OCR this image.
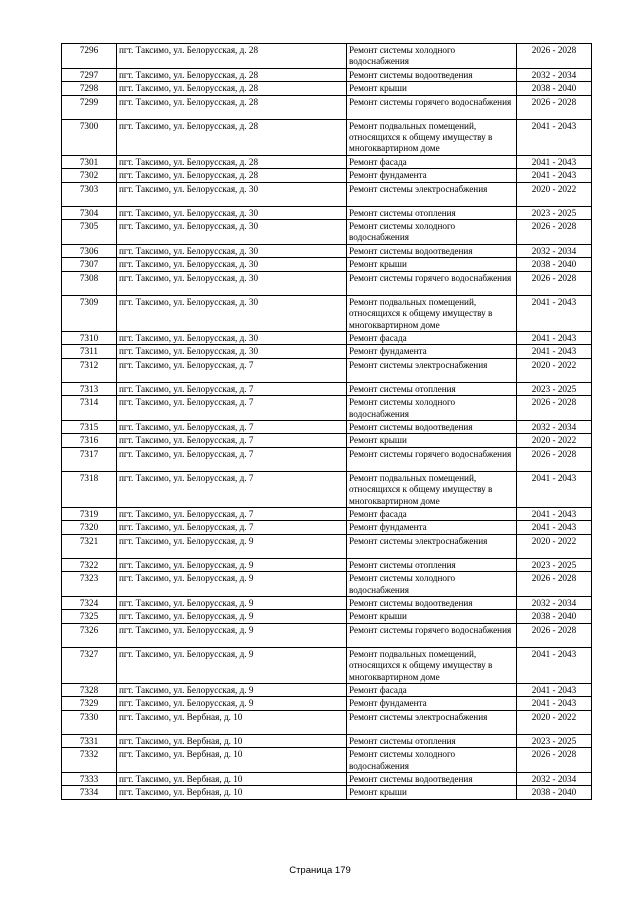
7296	пгт. Таксимо, ул. Белорусская, д. 28	Ремонт системы холодного водоснабжения	2026 - 2028
7297	пгт. Таксимо, ул. Белорусская, д. 28	Ремонт системы водоотведения	2032 - 2034
7298	пгт. Таксимо, ул. Белорусская, д. 28	Ремонт крыши	2038 - 2040
7299	пгт. Таксимо, ул. Белорусская, д. 28	Ремонт системы горячего водоснабжения	2026 - 2028
7300	пгт. Таксимо, ул. Белорусская, д. 28	Ремонт подвальных помещений, относящихся к общему имуществу в многоквартирном доме	2041 - 2043
7301	пгт. Таксимо, ул. Белорусская, д. 28	Ремонт фасада	2041 - 2043
7302	пгт. Таксимо, ул. Белорусская, д. 28	Ремонт фундамента	2041 - 2043
7303	пгт. Таксимо, ул. Белорусская, д. 30	Ремонт системы электроснабжения	2020 - 2022
7304	пгт. Таксимо, ул. Белорусская, д. 30	Ремонт системы отопления	2023 - 2025
7305	пгт. Таксимо, ул. Белорусская, д. 30	Ремонт системы холодного водоснабжения	2026 - 2028
7306	пгт. Таксимо, ул. Белорусская, д. 30	Ремонт системы водоотведения	2032 - 2034
7307	пгт. Таксимо, ул. Белорусская, д. 30	Ремонт крыши	2038 - 2040
7308	пгт. Таксимо, ул. Белорусская, д. 30	Ремонт системы горячего водоснабжения	2026 - 2028
7309	пгт. Таксимо, ул. Белорусская, д. 30	Ремонт подвальных помещений, относящихся к общему имуществу в многоквартирном доме	2041 - 2043
7310	пгт. Таксимо, ул. Белорусская, д. 30	Ремонт фасада	2041 - 2043
7311	пгт. Таксимо, ул. Белорусская, д. 30	Ремонт фундамента	2041 - 2043
7312	пгт. Таксимо, ул. Белорусская, д. 7	Ремонт системы электроснабжения	2020 - 2022
7313	пгт. Таксимо, ул. Белорусская, д. 7	Ремонт системы отопления	2023 - 2025
7314	пгт. Таксимо, ул. Белорусская, д. 7	Ремонт системы холодного водоснабжения	2026 - 2028
7315	пгт. Таксимо, ул. Белорусская, д. 7	Ремонт системы водоотведения	2032 - 2034
7316	пгт. Таксимо, ул. Белорусская, д. 7	Ремонт крыши	2020 - 2022
7317	пгт. Таксимо, ул. Белорусская, д. 7	Ремонт системы горячего водоснабжения	2026 - 2028
7318	пгт. Таксимо, ул. Белорусская, д. 7	Ремонт подвальных помещений, относящихся к общему имуществу в многоквартирном доме	2041 - 2043
7319	пгт. Таксимо, ул. Белорусская, д. 7	Ремонт фасада	2041 - 2043
7320	пгт. Таксимо, ул. Белорусская, д. 7	Ремонт фундамента	2041 - 2043
7321	пгт. Таксимо, ул. Белорусская, д. 9	Ремонт системы электроснабжения	2020 - 2022
7322	пгт. Таксимо, ул. Белорусская, д. 9	Ремонт системы отопления	2023 - 2025
7323	пгт. Таксимо, ул. Белорусская, д. 9	Ремонт системы холодного водоснабжения	2026 - 2028
7324	пгт. Таксимо, ул. Белорусская, д. 9	Ремонт системы водоотведения	2032 - 2034
7325	пгт. Таксимо, ул. Белорусская, д. 9	Ремонт крыши	2038 - 2040
7326	пгт. Таксимо, ул. Белорусская, д. 9	Ремонт системы горячего водоснабжения	2026 - 2028
7327	пгт. Таксимо, ул. Белорусская, д. 9	Ремонт подвальных помещений, относящихся к общему имуществу в многоквартирном доме	2041 - 2043
7328	пгт. Таксимо, ул. Белорусская, д. 9	Ремонт фасада	2041 - 2043
7329	пгт. Таксимо, ул. Белорусская, д. 9	Ремонт фундамента	2041 - 2043
7330	пгт. Таксимо, ул. Вербная, д. 10	Ремонт системы электроснабжения	2020 - 2022
7331	пгт. Таксимо, ул. Вербная, д. 10	Ремонт системы отопления	2023 - 2025
7332	пгт. Таксимо, ул. Вербная, д. 10	Ремонт системы холодного водоснабжения	2026 - 2028
7333	пгт. Таксимо, ул. Вербная, д. 10	Ремонт системы водоотведения	2032 - 2034
7334	пгт. Таксимо, ул. Вербная, д. 10	Ремонт крыши	2038 - 2040
Страница 179
